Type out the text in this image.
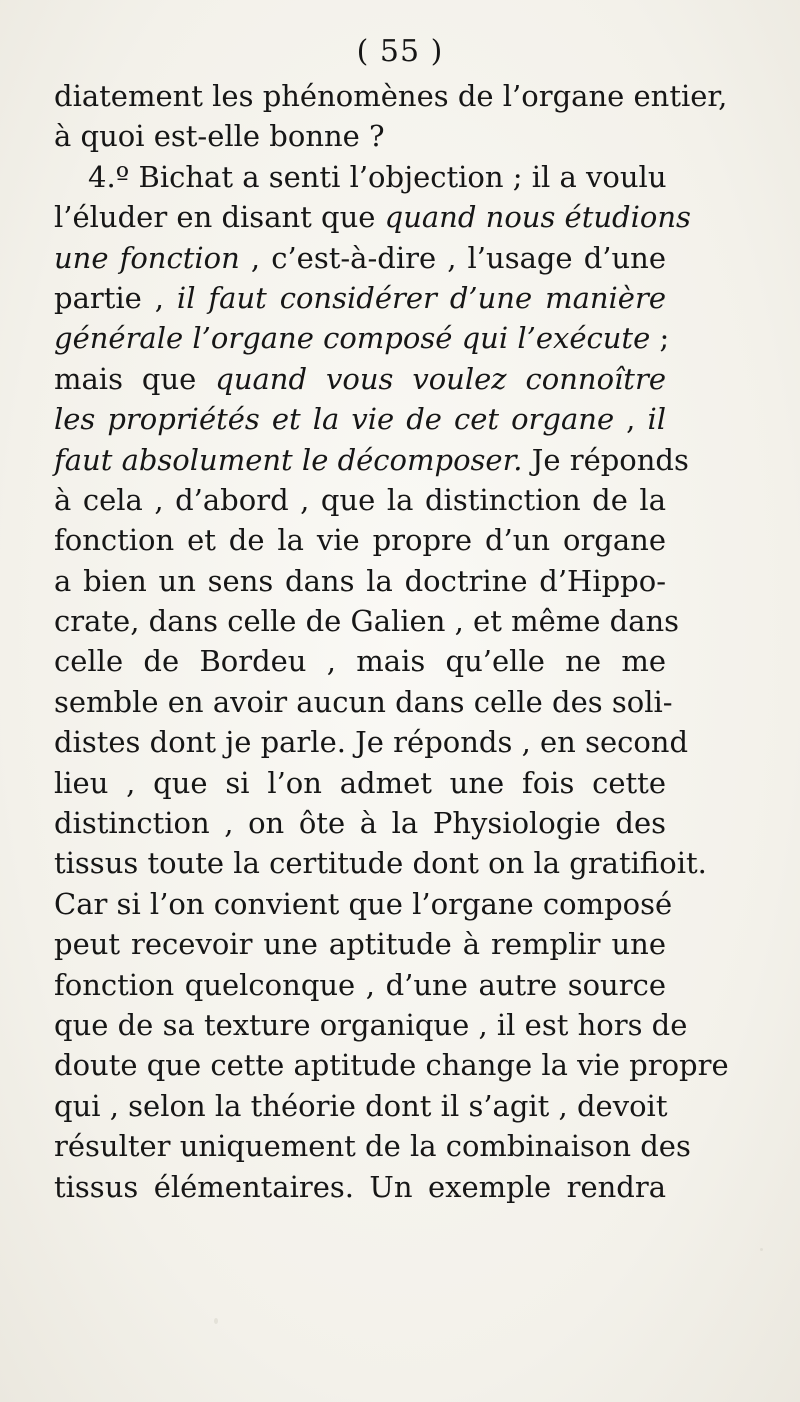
( 55 )
diatement les phénomènes de l’organe entier,
à quoi est-elle bonne ?
4.º Bichat a senti l’objection ; il a voulu
l’éluder en disant que quand nous étudions
une fonction , c’est-à-dire , l’usage d’une
partie , il faut considérer d’une manière
générale l’organe composé qui l’exécute ;
mais que quand vous voulez connoître
les propriétés et la vie de cet organe , il
faut absolument le décomposer. Je réponds
à cela , d’abord , que la distinction de la
fonction et de la vie propre d’un organe
a bien un sens dans la doctrine d’Hippo-
crate, dans celle de Galien , et même dans
celle de Bordeu , mais qu’elle ne me
semble en avoir aucun dans celle des soli-
distes dont je parle. Je réponds , en second
lieu , que si l’on admet une fois cette
distinction , on ôte à la Physiologie des
tissus toute la certitude dont on la gratifioit.
Car si l’on convient que l’organe composé
peut recevoir une aptitude à remplir une
fonction quelconque , d’une autre source
que de sa texture organique , il est hors de
doute que cette aptitude change la vie propre
qui , selon la théorie dont il s’agit , devoit
résulter uniquement de la combinaison des
tissus élémentaires. Un exemple rendra
